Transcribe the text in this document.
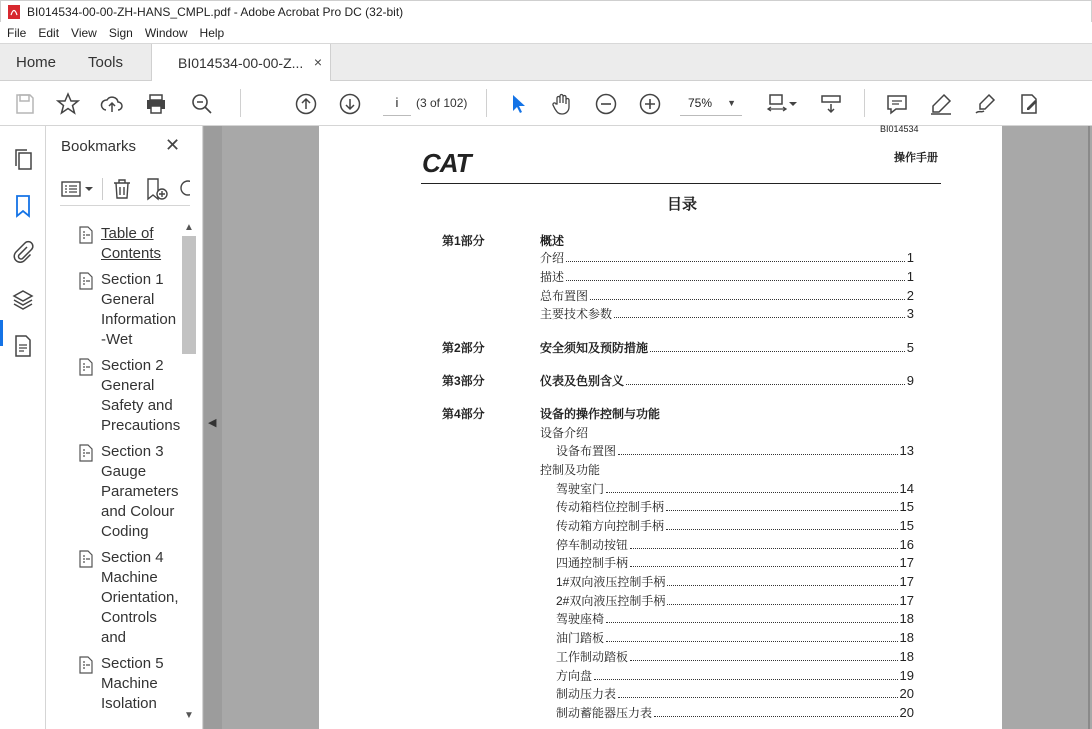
BI014534-00-00-ZH-HANS_CMPL.pdf - Adobe Acrobat Pro DC (32-bit)
File	Edit	View	Sign	Window	Help
Home Tools	BI014534-00-00-Z... ×
i	(3 of 102)	75% ▼
Bookmarks ✕
Table of Contents
Section 1 General Information -Wet
Section 2 General Safety and Precautions
Section 3 Gauge Parameters and Colour Coding
Section 4 Machine Orientation, Controls and
Section 5 Machine Isolation
▲
▼
◀
BI014534
CAT	操作手册
目录
第1部分	概述
介绍	1
描述	1
总布置图	2
主要技术参数	3
第2部分	安全须知及预防措施	5
第3部分	仪表及色别含义	9
第4部分	设备的操作控制与功能
设备介绍
设备布置图	13
控制及功能
驾驶室门	14
传动箱档位控制手柄	15
传动箱方向控制手柄	15
停车制动按钮	16
四通控制手柄	17
1#双向液压控制手柄	17
2#双向液压控制手柄	17
驾驶座椅	18
油门踏板	18
工作制动踏板	18
方向盘	19
制动压力表	20
制动蓄能器压力表	20
